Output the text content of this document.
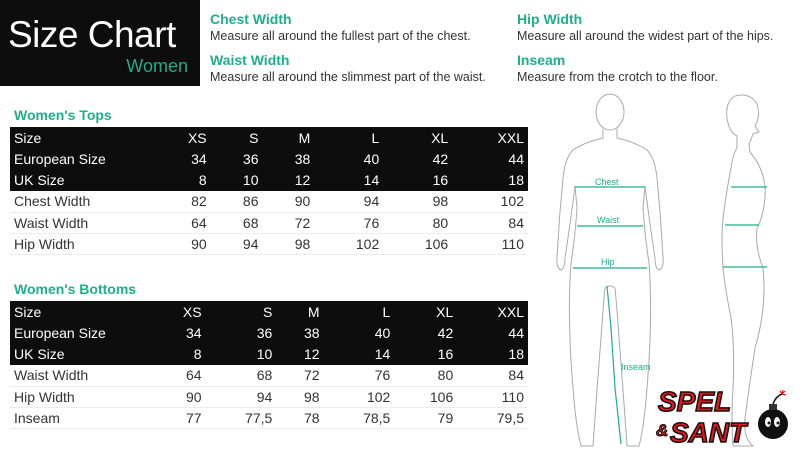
Size Chart
Women
Chest Width
Measure all around the fullest part of the chest.
Waist Width
Measure all around the slimmest part of the waist.
Hip Width
Measure all around the widest part of the hips.
Inseam
Measure from the crotch to the floor.
Women's Tops
Size	XS	S	M	L	XL	XXL
European Size	34	36	38	40	42	44
UK Size	8	10	12	14	16	18
Chest Width	82	86	90	94	98	102
Waist Width	64	68	72	76	80	84
Hip Width	90	94	98	102	106	110
Women's Bottoms
Size	XS	S	M	L	XL	XXL
European Size	34	36	38	40	42	44
UK Size	8	10	12	14	16	18
Waist Width	64	68	72	76	80	84
Hip Width	90	94	98	102	106	110
Inseam	77	77,5	78	78,5	79	79,5
Chest
Waist
Hip
Inseam
SPEL
& SANT
